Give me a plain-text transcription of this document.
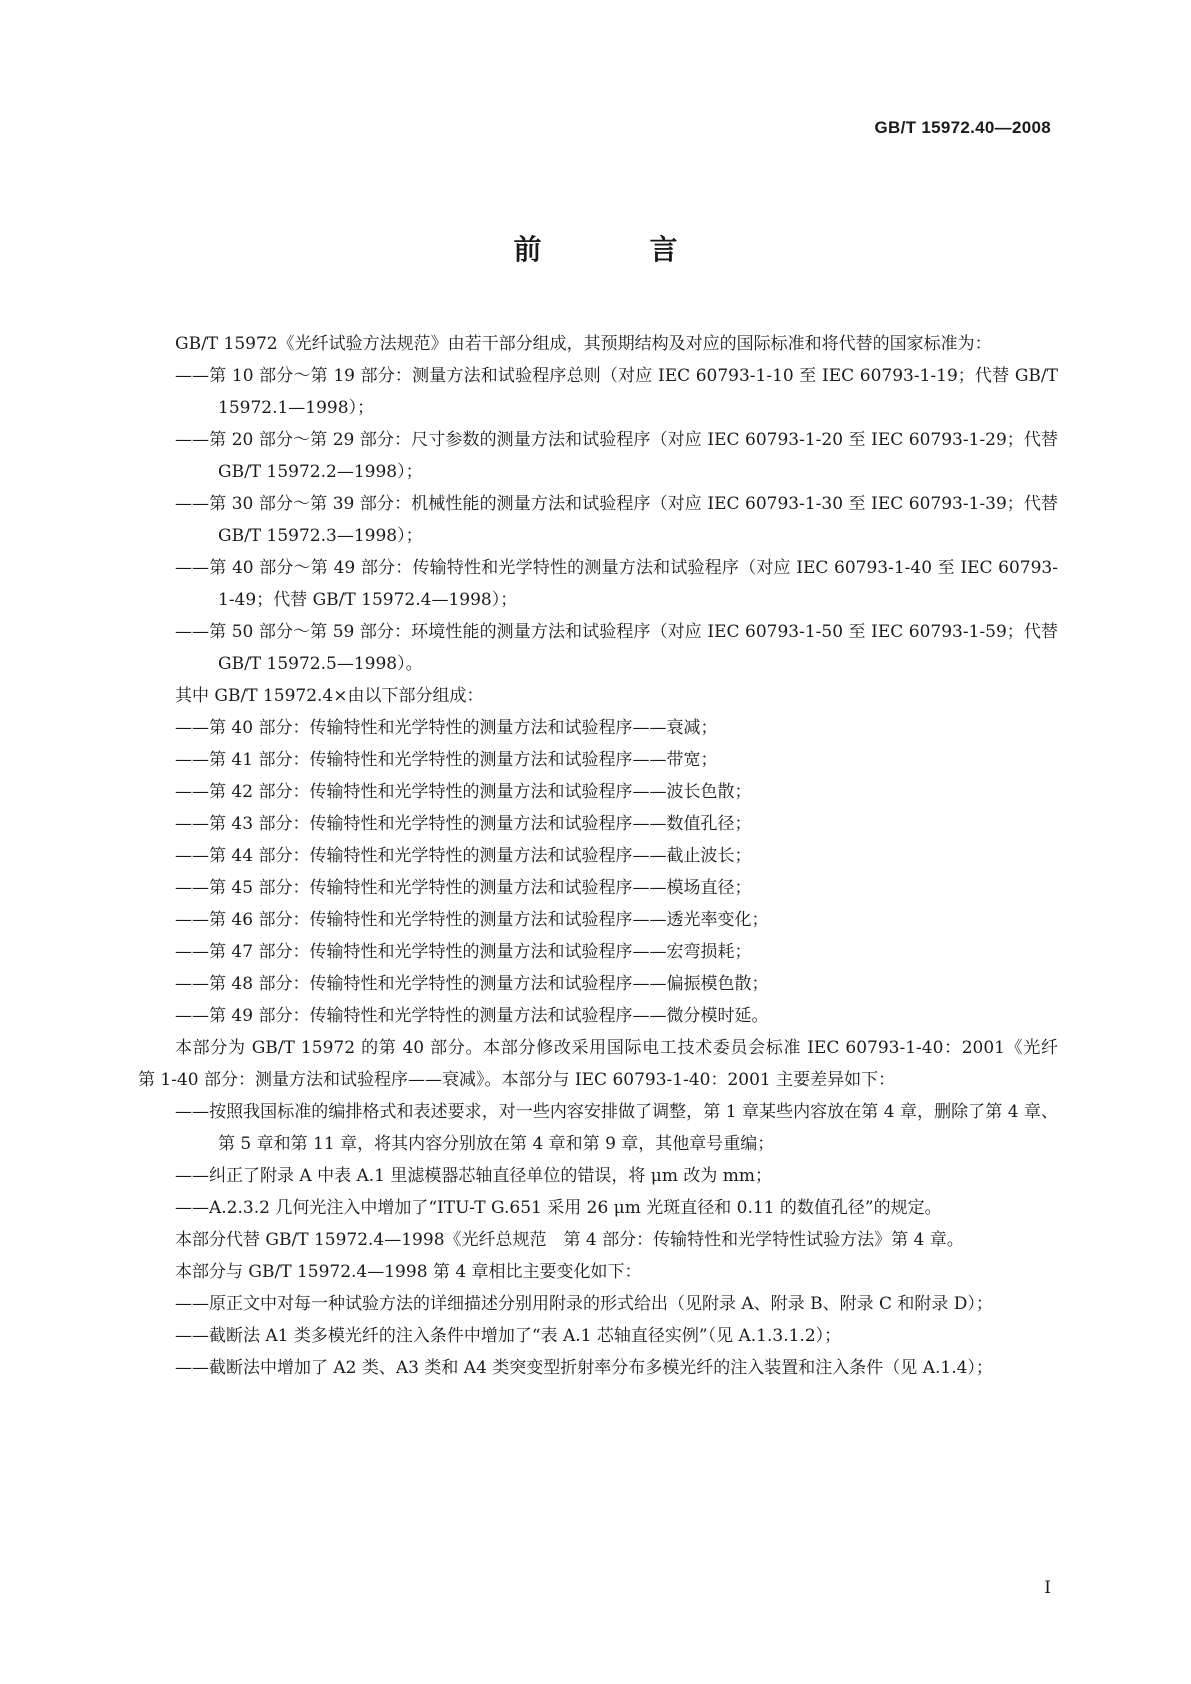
GB/T 15972.40—2008
前　言
GB/T 15972《光纤试验方法规范》由若干部分组成，其预期结构及对应的国际标准和将代替的国家标准为：
——第 10 部分～第 19 部分：测量方法和试验程序总则（对应 IEC 60793-1-10 至 IEC 60793-1-19；代替 GB/T 15972.1—1998）；
——第 20 部分～第 29 部分：尺寸参数的测量方法和试验程序（对应 IEC 60793-1-20 至 IEC 60793-1-29；代替 GB/T 15972.2—1998）；
——第 30 部分～第 39 部分：机械性能的测量方法和试验程序（对应 IEC 60793-1-30 至 IEC 60793-1-39；代替 GB/T 15972.3—1998）；
——第 40 部分～第 49 部分：传输特性和光学特性的测量方法和试验程序（对应 IEC 60793-1-40 至 IEC 60793-1-49；代替 GB/T 15972.4—1998）；
——第 50 部分～第 59 部分：环境性能的测量方法和试验程序（对应 IEC 60793-1-50 至 IEC 60793-1-59；代替 GB/T 15972.5—1998）。
其中 GB/T 15972.4×由以下部分组成：
——第 40 部分：传输特性和光学特性的测量方法和试验程序——衰减；
——第 41 部分：传输特性和光学特性的测量方法和试验程序——带宽；
——第 42 部分：传输特性和光学特性的测量方法和试验程序——波长色散；
——第 43 部分：传输特性和光学特性的测量方法和试验程序——数值孔径；
——第 44 部分：传输特性和光学特性的测量方法和试验程序——截止波长；
——第 45 部分：传输特性和光学特性的测量方法和试验程序——模场直径；
——第 46 部分：传输特性和光学特性的测量方法和试验程序——透光率变化；
——第 47 部分：传输特性和光学特性的测量方法和试验程序——宏弯损耗；
——第 48 部分：传输特性和光学特性的测量方法和试验程序——偏振模色散；
——第 49 部分：传输特性和光学特性的测量方法和试验程序——微分模时延。
本部分为 GB/T 15972 的第 40 部分。本部分修改采用国际电工技术委员会标准 IEC 60793-1-40：2001《光纤　第 1-40 部分：测量方法和试验程序——衰减》。本部分与 IEC 60793-1-40：2001 主要差异如下：
——按照我国标准的编排格式和表述要求，对一些内容安排做了调整，第 1 章某些内容放在第 4 章，删除了第 4 章、第 5 章和第 11 章，将其内容分别放在第 4 章和第 9 章，其他章号重编；
——纠正了附录 A 中表 A.1 里滤模器芯轴直径单位的错误，将 μm 改为 mm；
——A.2.3.2 几何光注入中增加了“ITU-T G.651 采用 26 μm 光斑直径和 0.11 的数值孔径”的规定。
本部分代替 GB/T 15972.4—1998《光纤总规范　第 4 部分：传输特性和光学特性试验方法》第 4 章。
本部分与 GB/T 15972.4—1998 第 4 章相比主要变化如下：
——原正文中对每一种试验方法的详细描述分别用附录的形式给出（见附录 A、附录 B、附录 C 和附录 D）；
——截断法 A1 类多模光纤的注入条件中增加了“表 A.1 芯轴直径实例”（见 A.1.3.1.2）；
——截断法中增加了 A2 类、A3 类和 A4 类突变型折射率分布多模光纤的注入装置和注入条件（见 A.1.4）；
Ⅰ
